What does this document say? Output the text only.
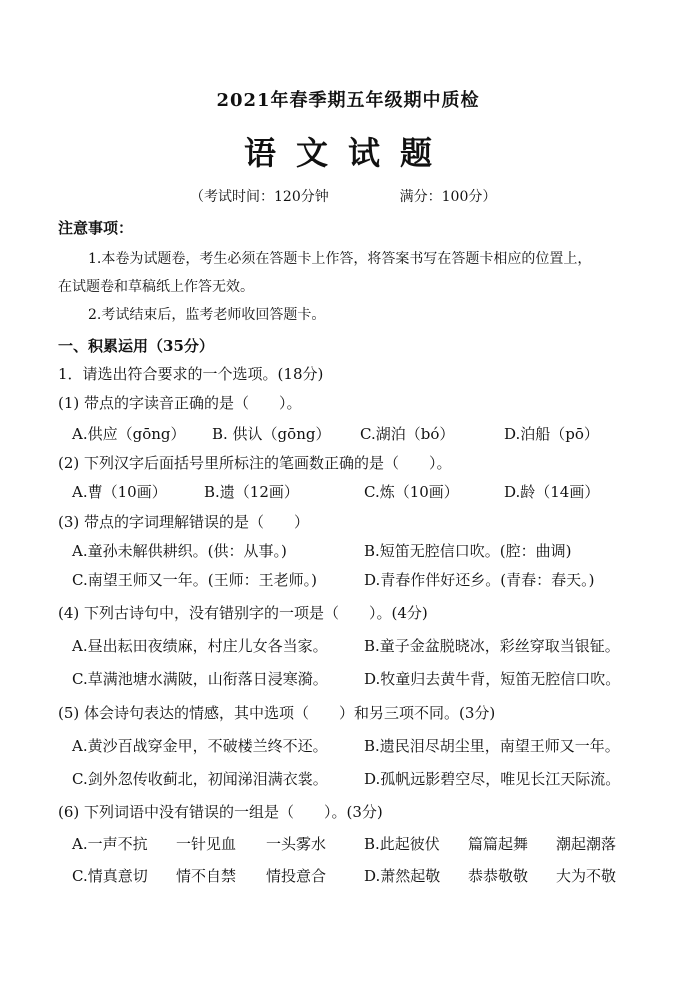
2021年春季期五年级期中质检
语文试题
（考试时间：120分钟	满分：100分）
注意事项：
1.本卷为试题卷，考生必须在答题卡上作答，将答案书写在答题卡相应的位置上，
在试题卷和草稿纸上作答无效。
2.考试结束后，监考老师收回答题卡。
一、积累运用（35分）
1．请选出符合要求的一个选项。(18分)
(1) 带点的字读音正确的是（　　）。
A.供应（gōng） B. 供认（gōng） C.湖泊（bó）	D.泊船（pō）
(2) 下列汉字后面括号里所标注的笔画数正确的是（　　）。
A.曹（10画） B.遗（12画）	C.炼（10画）	D.龄（14画）
(3) 带点的字词理解错误的是（　　）
A.童孙未解供耕织。(供：从事。)	B.短笛无腔信口吹。(腔：曲调)
C.南望王师又一年。(王师：王老师。)	D.青春作伴好还乡。(青春：春天。)
(4) 下列古诗句中，没有错别字的一项是（　　）。(4分)
A.昼出耘田夜绩麻，村庄儿女各当家。 B.童子金盆脱晓冰，彩丝穿取当银钲。
C.草满池塘水满陂，山衔落日浸寒漪。 D.牧童归去黄牛背，短笛无腔信口吹。
(5) 体会诗句表达的情感，其中选项（　　）和另三项不同。(3分)
A.黄沙百战穿金甲，不破楼兰终不还。 B.遗民泪尽胡尘里，南望王师又一年。
C.剑外忽传收蓟北，初闻涕泪满衣裳。 D.孤帆远影碧空尽，唯见长江天际流。
(6) 下列词语中没有错误的一组是（　　）。(3分)
A.一声不抗 一针见血 一头雾水	B.此起彼伏 篇篇起舞 潮起潮落
C.情真意切 情不自禁 情投意合	D.萧然起敬 恭恭敬敬 大为不敬
